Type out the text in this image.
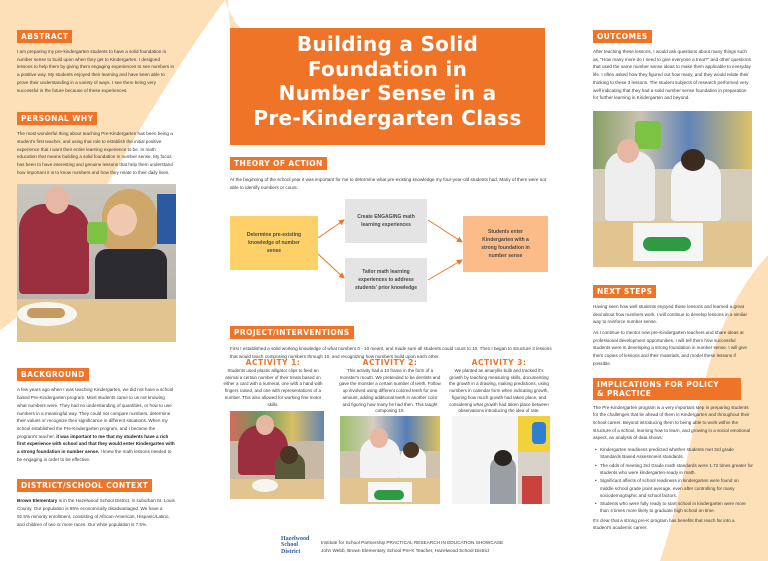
ABSTRACT

I am preparing my pre-kindergarten students to have a solid foundation in number sense to build upon when they get to Kindergarten. I designed lessons to help them by giving them engaging experiences to see numbers in a positive way. My students enjoyed their learning and have been able to prove their understanding in a variety of ways. I see them being very successful in the future because of these experiences.

PERSONAL WHY

The most wonderful thing about teaching Pre-Kindergarten has been being a student's first teacher, and using that role to establish the initial positive experience that I want their entire learning experience to be. In math education that means building a solid foundation in number sense. My focus has been to have interesting and genuine lessons that help them understand how important it is to know numbers and how they relate to their daily lives.

BACKGROUND

A few years ago when I was teaching Kindergarten, we did not have a school based Pre-Kindergarten program. Most students came to us not knowing what numbers were. They had no understanding of quantities, or how to use numbers in a meaningful way. They could not compare numbers, determine their values or recognize their significance in different situations. When my school established the Pre-Kindergarten program, and I became the program's teacher, it was important to me that my students have a rich first experience with school and that they would enter Kindergarten with a strong foundation in number sense. I knew the math lessons needed to be engaging in order to be effective.

DISTRICT/SCHOOL CONTEXT

Brown Elementary is in the Hazelwood School District, in suburban St. Louis County. Our population is 65% economically disadvantaged. We have a 92.5% minority enrollment, consisting of African-American, Hispanic/Latino, and children of two or more races. Our white population is 7.5%.

Building a Solid
Foundation in
Number Sense in a
Pre-Kindergarten Class
THEORY OF ACTION

At the beginning of the school year it was important for me to determine what pre-existing knowledge my four-year-old students had. Many of them were not able to identify numbers or count.

Determine pre-existing knowledge of number sense
Create ENGAGING math learning experiences
Tailor math learning experiences to address students' prior knowledge
Students enter Kindergarten with a strong foundation in number sense
PROJECT/INTERVENTIONS

First I established a solid working knowledge of what numbers 0 - 10 meant, and made sure all students could count to 10. Then I began to structure 3 lessons that would teach composing numbers through 10, and recognizing how numbers build upon each other.

ACTIVITY 1:

Students used plastic alligator clips to feed an animal a certain number of their treats based on either a card with a numeral, one with a hand with fingers raised, and one with representations of a number. This also allowed for working fine motor skills.

ACTIVITY 2:

This activity had a 10 frame in the form of a monster's mouth. We pretended to be dentists and gave the monster a certain number of teeth. Follow up involved using different colored teeth for one amount, adding additional teeth in another color and figuring how many he had then. This taught composing 10.

ACTIVITY 3:

We planted an amaryllis bulb and tracked it's growth by teaching measuring skills, documenting the growth in a drawing, making predictions, using numbers in calendar form when indicating growth, figuring how much growth had taken place, and considering what growth had taken place between observations introducing the idea of rate.

Hazelwood
School
District
Institute for School Partnership PRACTICAL RESEARCH IN EDUCATION SHOWCASE
John Webb, Brown Elementary School Pre-K Teacher, Hazelwood School District
OUTCOMES

After teaching these lessons, I would ask questions about many things such as, “How many more do I need to give everyone a treat?” and other questions that used the same number sense ideas to make them applicable to everyday life. I often asked how they figured out how many, and they would relate their thinking to these 3 lessons. The student subjects of research performed very well indicating that they had a solid number sense foundation in preparation for further learning in Kindergarten and beyond.

NEXT STEPS

Having seen how well students enjoyed these lessons and learned a great deal about how numbers work, I will continue to develop lessons in a similar way to reinforce number sense.

As I continue to mentor new pre-Kindergarten teachers and share ideas at professional development opportunities, I will tell them how successful students were in developing a strong foundation in number sense. I will give them copies of lessons and their materials, and model these lessons if possible.

IMPLICATIONS FOR POLICY
& PRACTICE

The Pre-Kindergarten program is a very important step in preparing students for the challenges that lie ahead of them in Kindergarten and throughout their school career. Beyond introducing them to being able to work within the structure of a school, learning how to learn, and growing in a social emotional aspect, an analysis of data shows:

• Kindergarten readiness predicted whether students met 3rd grade Standards Based Assessment standards.
• The odds of meeting 3rd Grade math standards were 1.72 times greater for students who were kindergarten-ready in math.
• Significant affects of school readiness in kindergarten were found on middle school grade point average, even after controlling for many sociodemographic and school factors.
• Students who were fully ready to start school in kindergarten were more than 4 times more likely to graduate high school on time.

It's clear that a strong pre-K program has benefits that reach far into a student's academic career.
